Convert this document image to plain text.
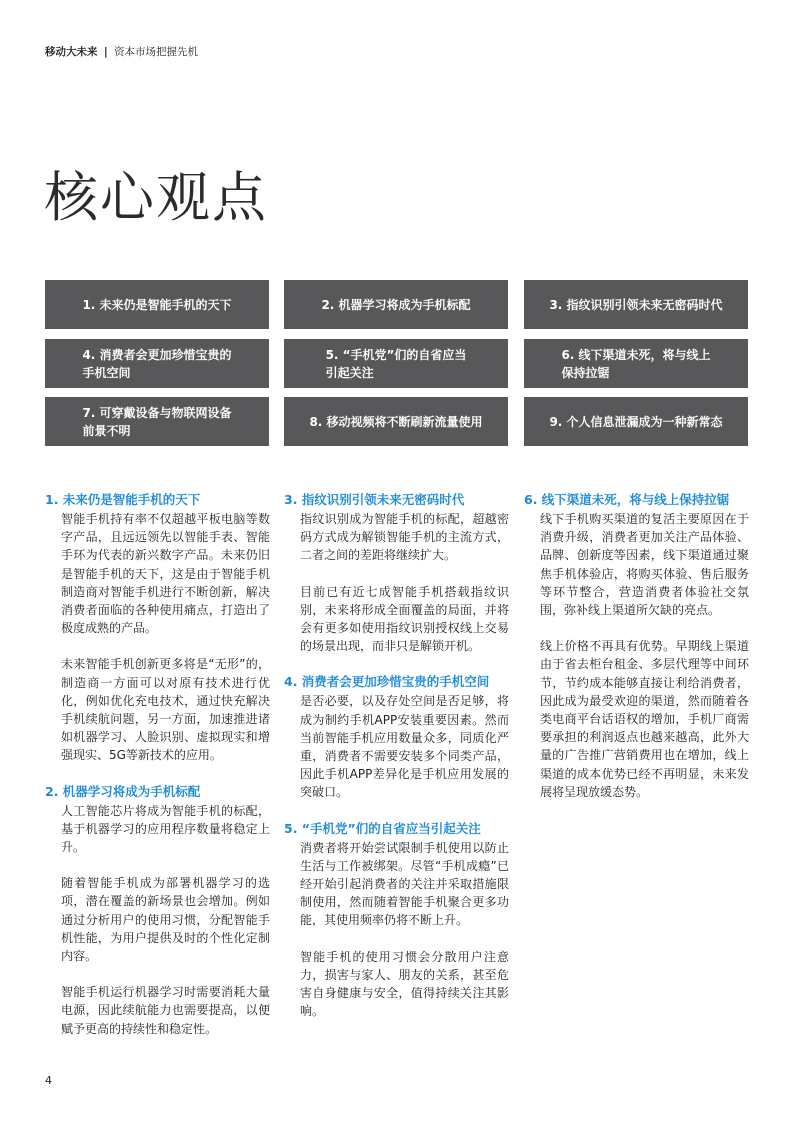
移动大未来 | 资本市场把握先机
核心观点
1. 未来仍是智能手机的天下	2. 机器学习将成为手机标配	3. 指纹识别引领未来无密码时代
4. 消费者会更加珍惜宝贵的
手机空间
5. “手机党”们的自省应当
引起关注
6. 线下渠道未死，将与线上
保持拉锯
7. 可穿戴设备与物联网设备
前景不明
8. 移动视频将不断刷新流量使用	9. 个人信息泄漏成为一种新常态
1. 未来仍是智能手机的天下

智能手机持有率不仅超越平板电脑等数字产品，且远远领先以智能手表、智能手环为代表的新兴数字产品。未来仍旧是智能手机的天下，这是由于智能手机制造商对智能手机进行不断创新，解决消费者面临的各种使用痛点，打造出了极度成熟的产品。

未来智能手机创新更多将是“无形”的，制造商一方面可以对原有技术进行优化，例如优化充电技术，通过快充解决手机续航问题，另一方面，加速推进诸如机器学习、人脸识别、虚拟现实和增强现实、5G等新技术的应用。

2. 机器学习将成为手机标配

人工智能芯片将成为智能手机的标配，基于机器学习的应用程序数量将稳定上升。

随着智能手机成为部署机器学习的选项，潜在覆盖的新场景也会增加。例如通过分析用户的使用习惯，分配智能手机性能，为用户提供及时的个性化定制内容。

智能手机运行机器学习时需要消耗大量电源，因此续航能力也需要提高，以便赋予更高的持续性和稳定性。

3. 指纹识别引领未来无密码时代

指纹识别成为智能手机的标配，超越密码方式成为解锁智能手机的主流方式，二者之间的差距将继续扩大。

目前已有近七成智能手机搭载指纹识别，未来将形成全面覆盖的局面，并将会有更多如使用指纹识别授权线上交易的场景出现，而非只是解锁开机。

4. 消费者会更加珍惜宝贵的手机空间

是否必要，以及存处空间是否足够，将成为制约手机APP安装重要因素。然而当前智能手机应用数量众多，同质化严重，消费者不需要安装多个同类产品，因此手机APP差异化是手机应用发展的突破口。

5. “手机党”们的自省应当引起关注

消费者将开始尝试限制手机使用以防止生活与工作被绑架。尽管“手机成瘾”已经开始引起消费者的关注并采取措施限制使用，然而随着智能手机聚合更多功能，其使用频率仍将不断上升。

智能手机的使用习惯会分散用户注意力，损害与家人、朋友的关系，甚至危害自身健康与安全，值得持续关注其影响。

6. 线下渠道未死，将与线上保持拉锯

线下手机购买渠道的复活主要原因在于消费升级，消费者更加关注产品体验、品牌、创新度等因素，线下渠道通过聚焦手机体验店，将购买体验、售后服务等环节整合，营造消费者体验社交氛围，弥补线上渠道所欠缺的亮点。

线上价格不再具有优势。早期线上渠道由于省去柜台租金、多层代理等中间环节，节约成本能够直接让利给消费者，因此成为最受欢迎的渠道，然而随着各类电商平台话语权的增加，手机厂商需要承担的利润返点也越来越高，此外大量的广告推广营销费用也在增加，线上渠道的成本优势已经不再明显，未来发展将呈现放缓态势。

4
